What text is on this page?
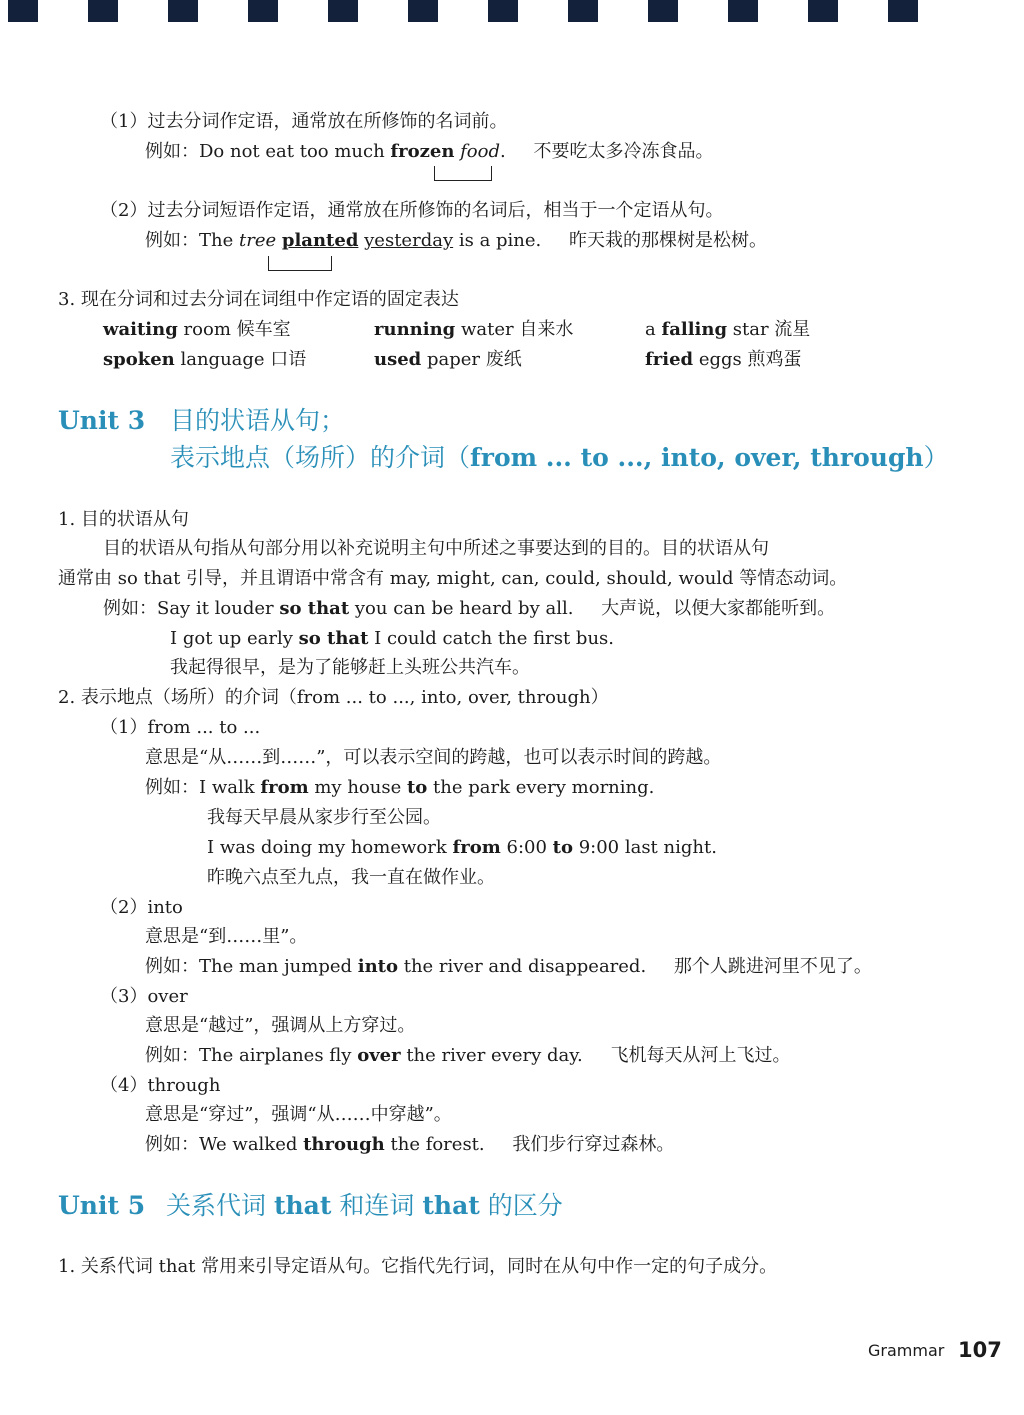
（1）过去分词作定语，通常放在所修饰的名词前。
例如：Do not eat too much frozen food. 不要吃太多冷冻食品。
（2）过去分词短语作定语，通常放在所修饰的名词后，相当于一个定语从句。
例如：The tree planted yesterday is a pine. 昨天栽的那棵树是松树。
3. 现在分词和过去分词在词组中作定语的固定表达
waiting room 候车室	running water 自来水	a falling star 流星
spoken language 口语	used paper 废纸	fried eggs 煎鸡蛋
Unit 3 目的状语从句；
表示地点（场所）的介词（from ... to ..., into, over, through）
1. 目的状语从句
目的状语从句指从句部分用以补充说明主句中所述之事要达到的目的。目的状语从句
通常由 so that 引导，并且谓语中常含有 may, might, can, could, should, would 等情态动词。
例如：Say it louder so that you can be heard by all. 大声说，以便大家都能听到。
I got up early so that I could catch the first bus.
我起得很早，是为了能够赶上头班公共汽车。
2. 表示地点（场所）的介词（from ... to ..., into, over, through）
（1）from ... to ...
意思是“从……到……”，可以表示空间的跨越，也可以表示时间的跨越。
例如：I walk from my house to the park every morning.
我每天早晨从家步行至公园。
I was doing my homework from 6:00 to 9:00 last night.
昨晚六点至九点，我一直在做作业。
（2）into
意思是“到……里”。
例如：The man jumped into the river and disappeared. 那个人跳进河里不见了。
（3）over
意思是“越过”，强调从上方穿过。
例如：The airplanes fly over the river every day. 飞机每天从河上飞过。
（4）through
意思是“穿过”，强调“从……中穿越”。
例如：We walked through the forest. 我们步行穿过森林。
Unit 5 关系代词 that 和连词 that 的区分
1. 关系代词 that 常用来引导定语从句。它指代先行词，同时在从句中作一定的句子成分。
Grammar 107
